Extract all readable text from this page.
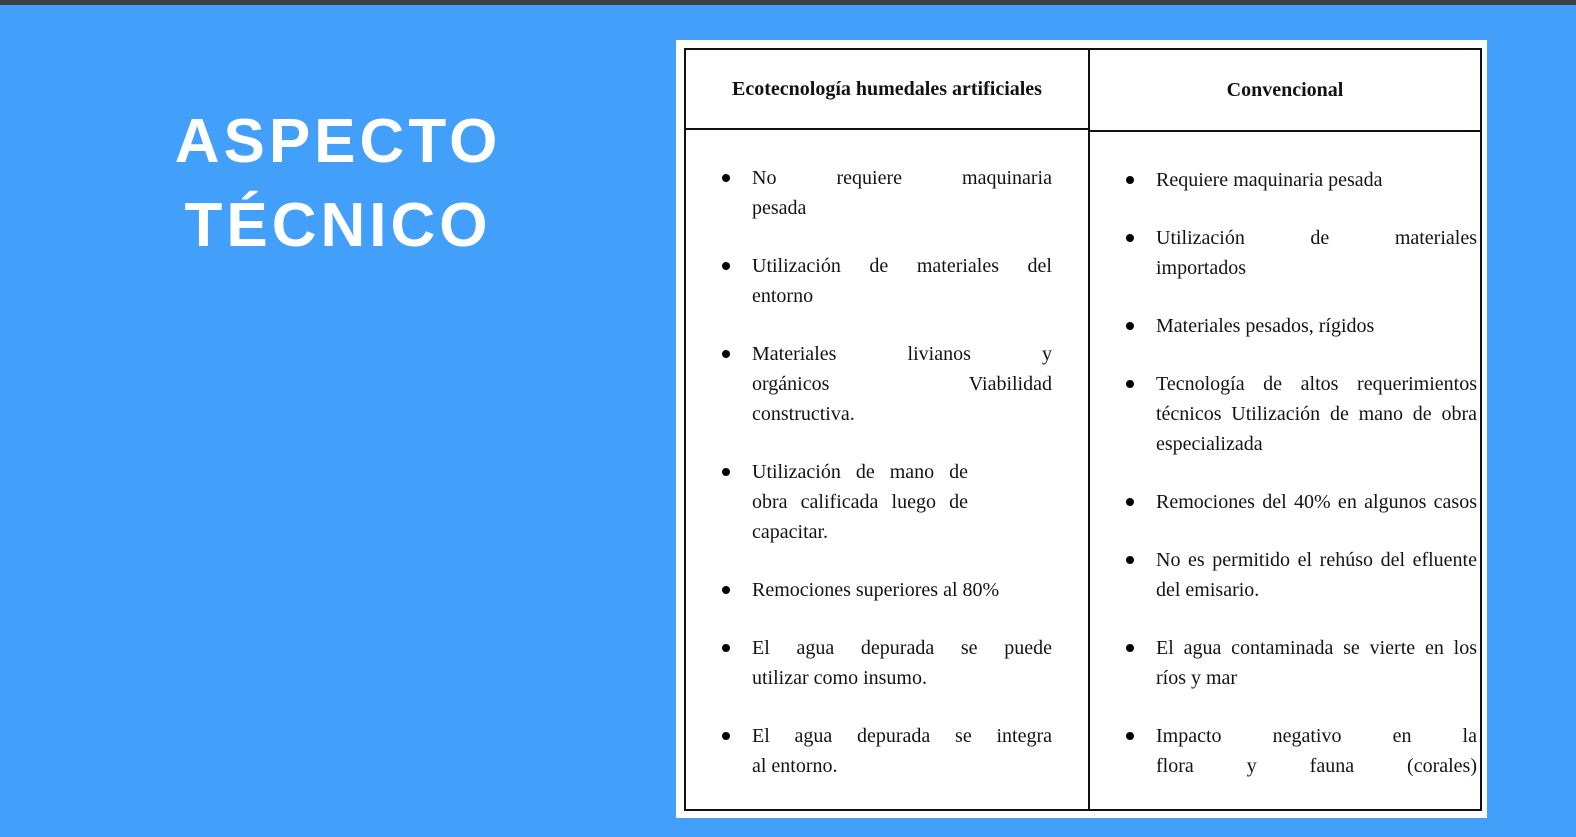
ASPECTO
TÉCNICO
Ecotecnología humedales artificiales
No requiere maquinaria
pesada
Utilización de materiales del
entorno
Materiales livianos y
orgánicos Viabilidad
constructiva.
Utilización de mano de
obra calificada luego de
capacitar.
Remociones superiores al 80%
El agua depurada se puede
utilizar como insumo.
El agua depurada se integra
al entorno.
Convencional
Requiere maquinaria pesada
Utilización de materiales
importados
Materiales pesados, rígidos
Tecnología de altos requerimientos
técnicos Utilización de mano de obra
especializada
Remociones del 40% en algunos casos
No es permitido el rehúso del efluente
del emisario.
El agua contaminada se vierte en los
ríos y mar
Impacto negativo en la
flora y fauna (corales)
